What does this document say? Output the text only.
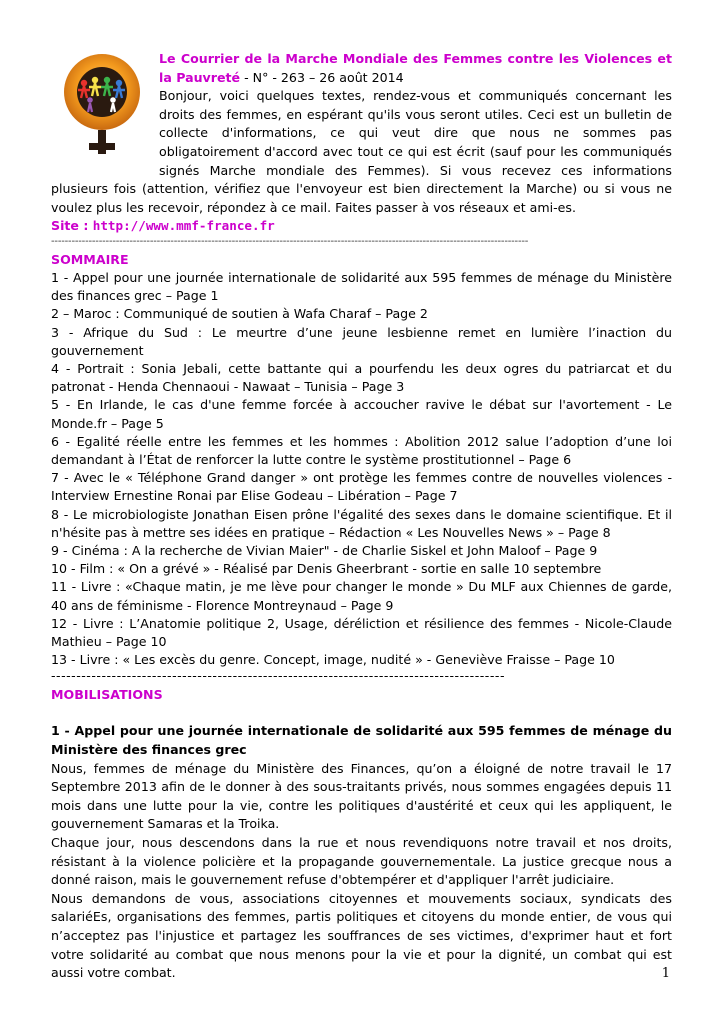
Le Courrier de la Marche Mondiale des Femmes contre les Violences et la Pauvreté - N° - 263 – 26 août 2014
Bonjour, voici quelques textes, rendez-vous et communiqués concernant les droits des femmes, en espérant qu'ils vous seront utiles. Ceci est un bulletin de collecte d'informations, ce qui veut dire que nous ne sommes pas obligatoirement d'accord avec tout ce qui est écrit (sauf pour les communiqués signés Marche mondiale des Femmes). Si vous recevez ces informations plusieurs fois (attention, vérifiez que l'envoyeur est bien directement la Marche) ou si vous ne voulez plus les recevoir, répondez à ce mail. Faites passer à vos réseaux et ami-es.
Site : http://www.mmf-france.fr
--------------------------------------------------------------------------------------------------------------------------------------------
SOMMAIRE
1 - Appel pour une journée internationale de solidarité aux 595 femmes de ménage du Ministère des finances grec – Page 1
2 – Maroc : Communiqué de soutien à Wafa Charaf – Page 2
3 - Afrique du Sud : Le meurtre d’une jeune lesbienne remet en lumière l’inaction du gouvernement
4 - Portrait : Sonia Jebali, cette battante qui a pourfendu les deux ogres du patriarcat et du patronat - Henda Chennaoui - Nawaat – Tunisia – Page 3
5 - En Irlande, le cas d'une femme forcée à accoucher ravive le débat sur l'avortement - Le Monde.fr – Page 5
6 - Egalité réelle entre les femmes et les hommes : Abolition 2012 salue l’adoption d’une loi demandant à l’État de renforcer la lutte contre le système prostitutionnel – Page 6
7 - Avec le « Téléphone Grand danger » ont protège les femmes contre de nouvelles violences - Interview Ernestine Ronai par Elise Godeau – Libération – Page 7
8 - Le microbiologiste Jonathan Eisen prône l'égalité des sexes dans le domaine scientifique. Et il n'hésite pas à mettre ses idées en pratique – Rédaction « Les Nouvelles News » – Page 8
9 - Cinéma : A la recherche de Vivian Maier" - de Charlie Siskel et John Maloof – Page 9
10 - Film : « On a grévé » - Réalisé par Denis Gheerbrant - sortie en salle 10 septembre
11 - Livre : «Chaque matin, je me lève pour changer le monde » Du MLF aux Chiennes de garde, 40 ans de féminisme - Florence Montreynaud – Page 9
12 - Livre : L’Anatomie politique 2, Usage, déréliction et résilience des femmes - Nicole-Claude Mathieu – Page 10
13 - Livre : « Les excès du genre. Concept, image, nudité » - Geneviève Fraisse – Page 10
------------------------------------------------------------------------------------------
MOBILISATIONS
1 - Appel pour une journée internationale de solidarité aux 595 femmes de ménage du Ministère des finances grec

Nous, femmes de ménage du Ministère des Finances, qu’on a éloigné de notre travail le 17 Septembre 2013 afin de le donner à des sous-traitants privés, nous sommes engagées depuis 11 mois dans une lutte pour la vie, contre les politiques d'austérité et ceux qui les appliquent, le gouvernement Samaras et la Troika.

Chaque jour, nous descendons dans la rue et nous revendiquons notre travail et nos droits, résistant à la violence policière et la propagande gouvernementale. La justice grecque nous a donné raison, mais le gouvernement refuse d'obtempérer et d'appliquer l'arrêt judiciaire.

Nous demandons de vous, associations citoyennes et mouvements sociaux, syndicats des salariéEs, organisations des femmes, partis politiques et citoyens du monde entier, de vous qui n’acceptez pas l'injustice et partagez les souffrances de ses victimes, d'exprimer haut et fort votre solidarité au combat que nous menons pour la vie et pour la dignité, un combat qui est aussi votre combat.	1
